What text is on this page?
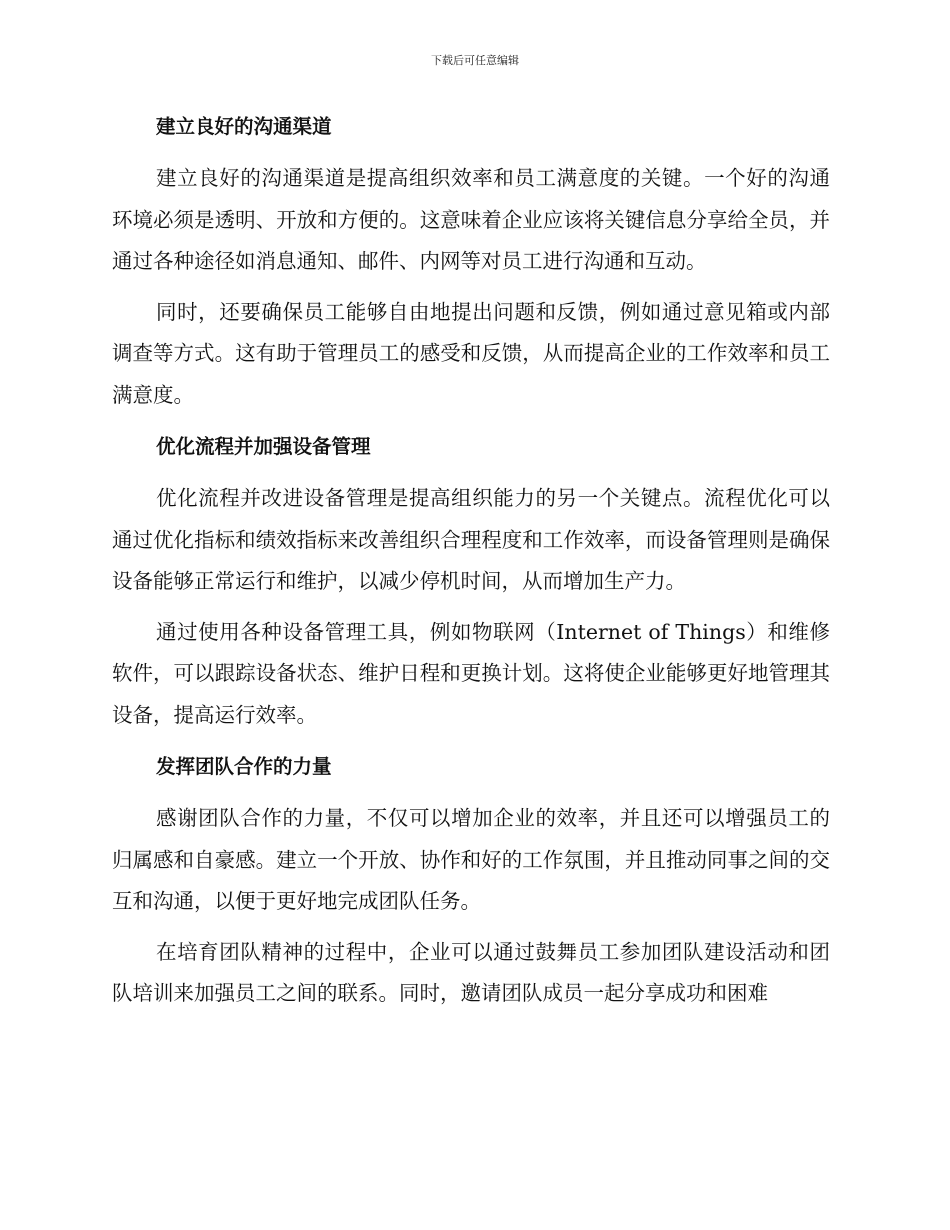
下载后可任意编辑
建立良好的沟通渠道

建立良好的沟通渠道是提高组织效率和员工满意度的关键。一个好的沟通环境必须是透明、开放和方便的。这意味着企业应该将关键信息分享给全员，并通过各种途径如消息通知、邮件、内网等对员工进行沟通和互动。

同时，还要确保员工能够自由地提出问题和反馈，例如通过意见箱或内部调查等方式。这有助于管理员工的感受和反馈，从而提高企业的工作效率和员工满意度。

优化流程并加强设备管理

优化流程并改进设备管理是提高组织能力的另一个关键点。流程优化可以通过优化指标和绩效指标来改善组织合理程度和工作效率，而设备管理则是确保设备能够正常运行和维护，以减少停机时间，从而增加生产力。

通过使用各种设备管理工具，例如物联网（Internet of Things）和维修软件，可以跟踪设备状态、维护日程和更换计划。这将使企业能够更好地管理其设备，提高运行效率。

发挥团队合作的力量

感谢团队合作的力量，不仅可以增加企业的效率，并且还可以增强员工的归属感和自豪感。建立一个开放、协作和好的工作氛围，并且推动同事之间的交互和沟通，以便于更好地完成团队任务。

在培育团队精神的过程中，企业可以通过鼓舞员工参加团队建设活动和团队培训来加强员工之间的联系。同时，邀请团队成员一起分享成功和困难
